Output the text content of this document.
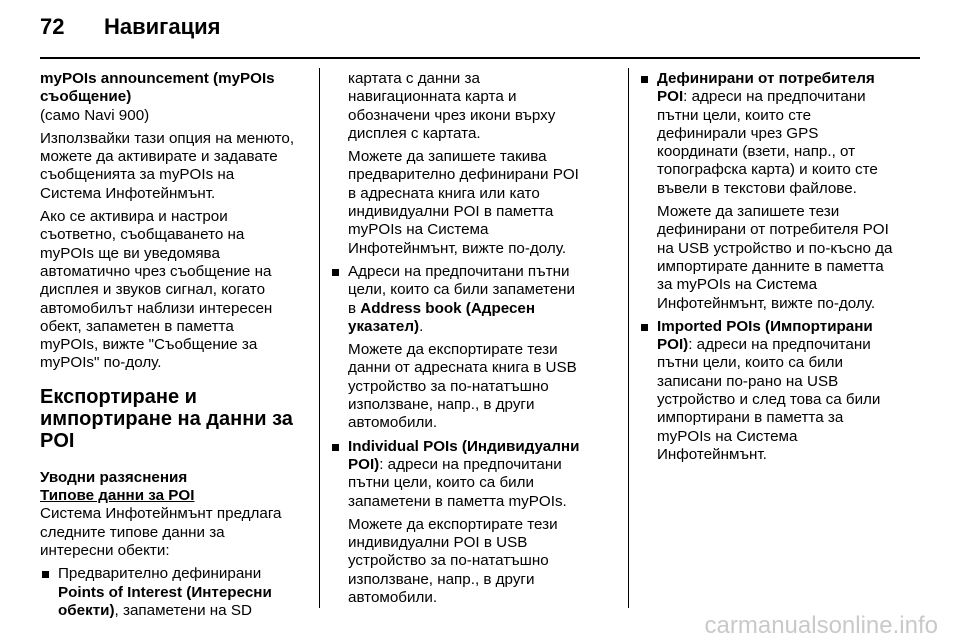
72	Навигация

myPOIs announcement (myPOIs съобщение)

(само Navi 900)

Използвайки тази опция на менюто, можете да активирате и задавате съобщенията за myPOIs на Система Инфотейнмънт.

Ако се активира и настрои съответно, съобщаването на myPOIs ще ви уведомява автоматично чрез съобщение на дисплея и звуков сигнал, когато автомобилът наблизи интересен обект, запаметен в паметта myPOIs, вижте "Съобщение за myPOIs" по-долу.

Експортиране и импортиране на данни за POI

Уводни разяснения

Типове данни за POI

Система Инфотейнмънт предлага следните типове данни за интересни обекти:

Предварително дефинирани Points of Interest (Интересни обекти), запаметени на SD

картата с данни за навигационната карта и обозначени чрез икони върху дисплея с картата.

Можете да запишете такива предварително дефинирани POI в адресната книга или като индивидуални POI в паметта myPOIs на Система Инфотейнмънт, вижте по-долу.

Адреси на предпочитани пътни цели, които са били запаметени в Address book (Адресен указател).

Можете да експортирате тези данни от адресната книга в USB устройство за по-нататъшно използване, напр., в други автомобили.

Individual POIs (Индивидуални POI): адреси на предпочитани пътни цели, които са били запаметени в паметта myPOIs.

Можете да експортирате тези индивидуални POI в USB устройство за по-нататъшно използване, напр., в други автомобили.

Дефинирани от потребителя POI: адреси на предпочитани пътни цели, които сте дефинирали чрез GPS координати (взети, напр., от топографска карта) и които сте въвели в текстови файлове.

Можете да запишете тези дефинирани от потребителя POI на USB устройство и по-късно да импортирате данните в паметта за myPOIs на Система Инфотейнмънт, вижте по-долу.

Imported POIs (Импортирани POI): адреси на предпочитани пътни цели, които са били записани по-рано на USB устройство и след това са били импортирани в паметта за myPOIs на Система Инфотейнмънт.
carmanualsonline.info
